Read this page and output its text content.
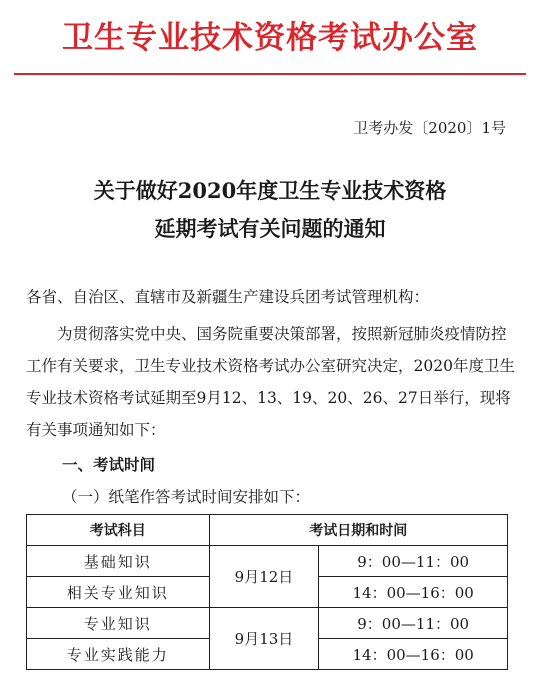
卫生专业技术资格考试办公室
卫考办发〔2020〕1号
关于做好2020年度卫生专业技术资格
延期考试有关问题的通知
各省、自治区、直辖市及新疆生产建设兵团考试管理机构：
为贯彻落实党中央、国务院重要决策部署，按照新冠肺炎疫情防控工作有关要求，卫生专业技术资格考试办公室研究决定，2020年度卫生专业技术资格考试延期至9月12、13、19、20、26、27日举行，现将有关事项通知如下：
一、考试时间
（一）纸笔作答考试时间安排如下：
考试科目	考试日期和时间	
基础知识	9月12日	9：00—11：00
相关专业知识		14：00—16：00
专业知识	9月13日	9：00—11：00
专业实践能力		14：00—16：00
